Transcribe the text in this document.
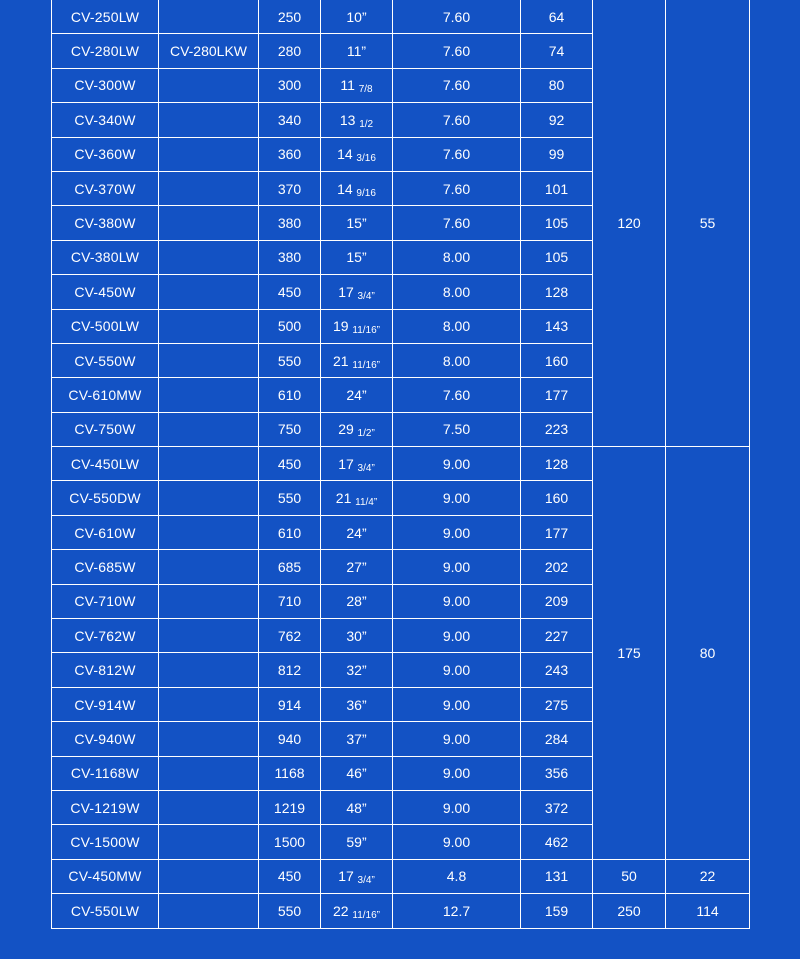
CV-250LW		250	10”	7.60	64	120	55
CV-280LW	CV-280LKW	280	11”	7.60	74		
CV-300W		300	11 7/8	7.60	80		
CV-340W		340	13 1/2	7.60	92		
CV-360W		360	14 3/16	7.60	99		
CV-370W		370	14 9/16	7.60	101		
CV-380W		380	15”	7.60	105		
CV-380LW		380	15”	8.00	105		
CV-450W		450	17 3/4”	8.00	128		
CV-500LW		500	19 11/16”	8.00	143		
CV-550W		550	21 11/16”	8.00	160		
CV-610MW		610	24”	7.60	177		
CV-750W		750	29 1/2”	7.50	223		
CV-450LW		450	17 3/4”	9.00	128	175	80
CV-550DW		550	21 11/4”	9.00	160		
CV-610W		610	24”	9.00	177		
CV-685W		685	27”	9.00	202		
CV-710W		710	28”	9.00	209		
CV-762W		762	30”	9.00	227		
CV-812W		812	32”	9.00	243		
CV-914W		914	36”	9.00	275		
CV-940W		940	37”	9.00	284		
CV-1168W		1168	46”	9.00	356		
CV-1219W		1219	48”	9.00	372		
CV-1500W		1500	59”	9.00	462		
CV-450MW		450	17 3/4”	4.8	131	50	22
CV-550LW		550	22 11/16”	12.7	159	250	114
